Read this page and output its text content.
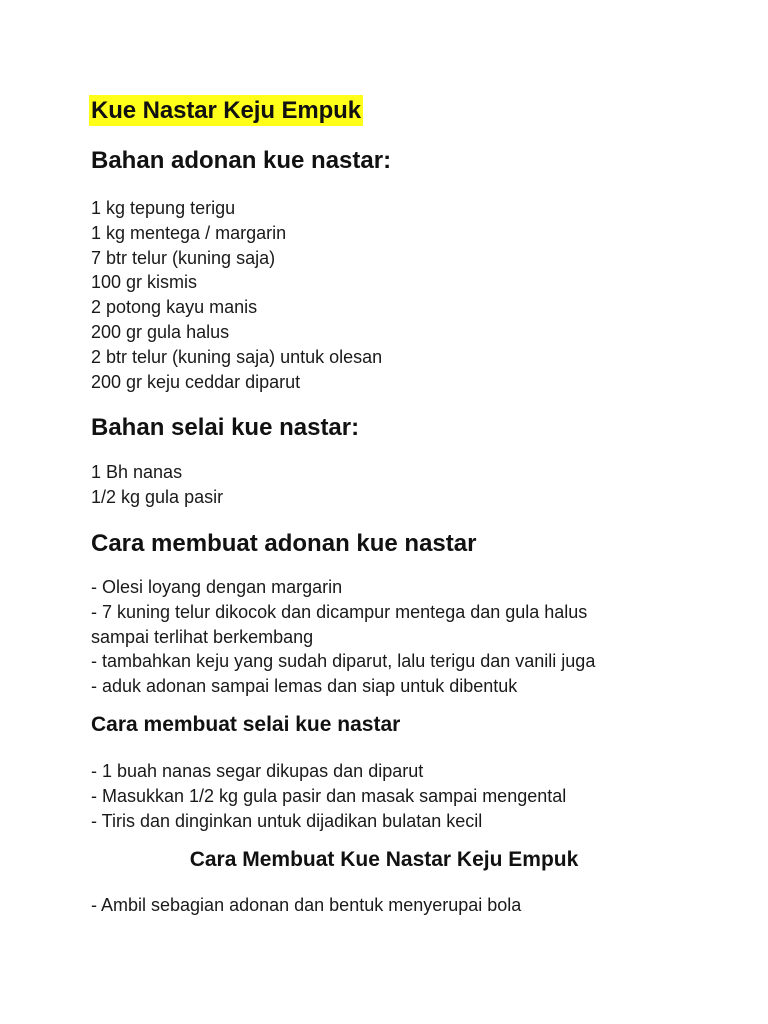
Kue Nastar Keju Empuk
Bahan adonan kue nastar:
1 kg tepung terigu
1 kg mentega / margarin
7 btr telur (kuning saja)
100 gr kismis
2 potong kayu manis
200 gr gula halus
2 btr telur (kuning saja) untuk olesan
200 gr keju ceddar diparut
Bahan selai kue nastar:
1 Bh nanas
1/2 kg gula pasir
Cara membuat adonan kue nastar
- Olesi loyang dengan margarin
- 7 kuning telur dikocok dan dicampur mentega dan gula halus
sampai terlihat berkembang
- tambahkan keju yang sudah diparut, lalu terigu dan vanili juga
- aduk adonan sampai lemas dan siap untuk dibentuk
Cara membuat selai kue nastar
- 1 buah nanas segar dikupas dan diparut
- Masukkan 1/2 kg gula pasir dan masak sampai mengental
- Tiris dan dinginkan untuk dijadikan bulatan kecil
Cara Membuat Kue Nastar Keju Empuk
- Ambil sebagian adonan dan bentuk menyerupai bola
